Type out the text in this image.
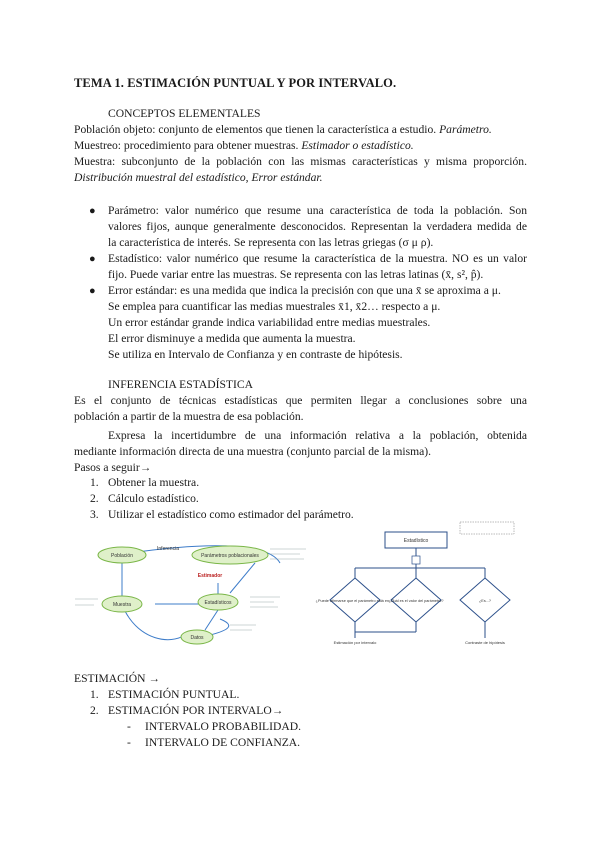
TEMA 1. ESTIMACIÓN PUNTUAL Y POR INTERVALO.
CONCEPTOS ELEMENTALES
Población objeto: conjunto de elementos que tienen la característica a estudio. Parámetro.
Muestreo: procedimiento para obtener muestras. Estimador o estadístico.
Muestra: subconjunto de la población con las mismas características y misma proporción.
Distribución muestral del estadístico, Error estándar.
● Parámetro: valor numérico que resume una característica de toda la población. Son
valores fijos, aunque generalmente desconocidos. Representan la verdadera medida de
la característica de interés. Se representa con las letras griegas (σ μ ρ).
● Estadístico: valor numérico que resume la característica de la muestra. NO es un valor
fijo. Puede variar entre las muestras. Se representa con las letras latinas (x̄, s², p̂).
● Error estándar: es una medida que indica la precisión con que una x̄ se aproxima a μ.
Se emplea para cuantificar las medias muestrales x̄1, x̄2… respecto a μ.
Un error estándar grande indica variabilidad entre medias muestrales.
El error disminuye a medida que aumenta la muestra.
Se utiliza en Intervalo de Confianza y en contraste de hipótesis.
INFERENCIA ESTADÍSTICA
Es el conjunto de técnicas estadísticas que permiten llegar a conclusiones sobre una
población a partir de la muestra de esa población.
Expresa la incertidumbre de una información relativa a la población, obtenida
mediante información directa de una muestra (conjunto parcial de la misma).
Pasos a seguir→
1. Obtener la muestra.
2. Cálculo estadístico.
3. Utilizar el estadístico como estimador del parámetro.
Población	Parámetros poblacionales
Muestra	Estadísticos
Datos
Estimador
Inferencia
Estadístico
¿Puede afirmarse que el parámetro está en...?
¿Cuál es el valor del parámetro?	¿Es...?
Estimación por intervalo	Contraste de hipótesis
ESTIMACIÓN →
1. ESTIMACIÓN PUNTUAL.
2. ESTIMACIÓN POR INTERVALO→
- INTERVALO PROBABILIDAD.
- INTERVALO DE CONFIANZA.
